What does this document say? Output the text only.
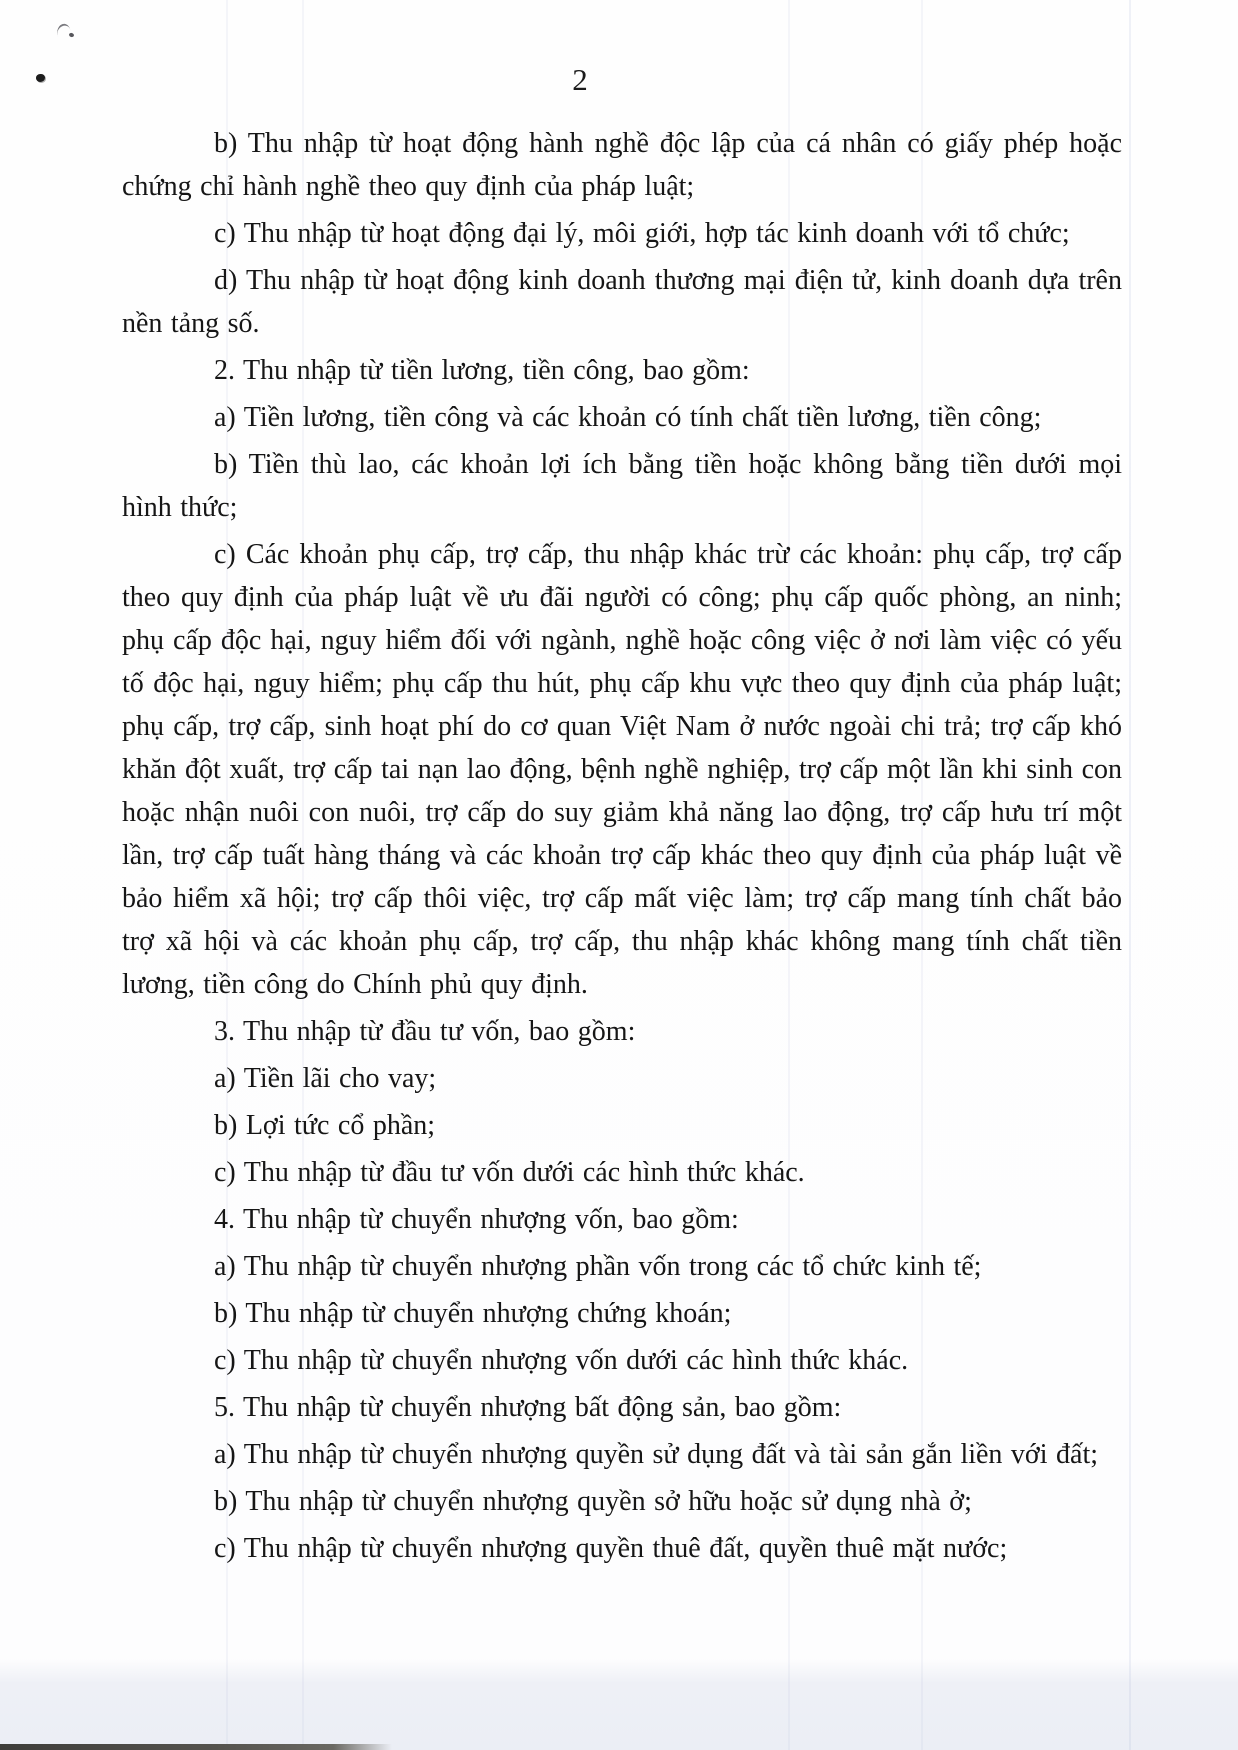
2

b) Thu nhập từ hoạt động hành nghề độc lập của cá nhân có giấy phép hoặc chứng chỉ hành nghề theo quy định của pháp luật;

c) Thu nhập từ hoạt động đại lý, môi giới, hợp tác kinh doanh với tổ chức;

d) Thu nhập từ hoạt động kinh doanh thương mại điện tử, kinh doanh dựa trên nền tảng số.

2. Thu nhập từ tiền lương, tiền công, bao gồm:

a) Tiền lương, tiền công và các khoản có tính chất tiền lương, tiền công;

b) Tiền thù lao, các khoản lợi ích bằng tiền hoặc không bằng tiền dưới mọi hình thức;

c) Các khoản phụ cấp, trợ cấp, thu nhập khác trừ các khoản: phụ cấp, trợ cấp theo quy định của pháp luật về ưu đãi người có công; phụ cấp quốc phòng, an ninh; phụ cấp độc hại, nguy hiểm đối với ngành, nghề hoặc công việc ở nơi làm việc có yếu tố độc hại, nguy hiểm; phụ cấp thu hút, phụ cấp khu vực theo quy định của pháp luật; phụ cấp, trợ cấp, sinh hoạt phí do cơ quan Việt Nam ở nước ngoài chi trả; trợ cấp khó khăn đột xuất, trợ cấp tai nạn lao động, bệnh nghề nghiệp, trợ cấp một lần khi sinh con hoặc nhận nuôi con nuôi, trợ cấp do suy giảm khả năng lao động, trợ cấp hưu trí một lần, trợ cấp tuất hàng tháng và các khoản trợ cấp khác theo quy định của pháp luật về bảo hiểm xã hội; trợ cấp thôi việc, trợ cấp mất việc làm; trợ cấp mang tính chất bảo trợ xã hội và các khoản phụ cấp, trợ cấp, thu nhập khác không mang tính chất tiền lương, tiền công do Chính phủ quy định.

3. Thu nhập từ đầu tư vốn, bao gồm:

a) Tiền lãi cho vay;

b) Lợi tức cổ phần;

c) Thu nhập từ đầu tư vốn dưới các hình thức khác.

4. Thu nhập từ chuyển nhượng vốn, bao gồm:

a) Thu nhập từ chuyển nhượng phần vốn trong các tổ chức kinh tế;

b) Thu nhập từ chuyển nhượng chứng khoán;

c) Thu nhập từ chuyển nhượng vốn dưới các hình thức khác.

5. Thu nhập từ chuyển nhượng bất động sản, bao gồm:

a) Thu nhập từ chuyển nhượng quyền sử dụng đất và tài sản gắn liền với đất;

b) Thu nhập từ chuyển nhượng quyền sở hữu hoặc sử dụng nhà ở;

c) Thu nhập từ chuyển nhượng quyền thuê đất, quyền thuê mặt nước;
